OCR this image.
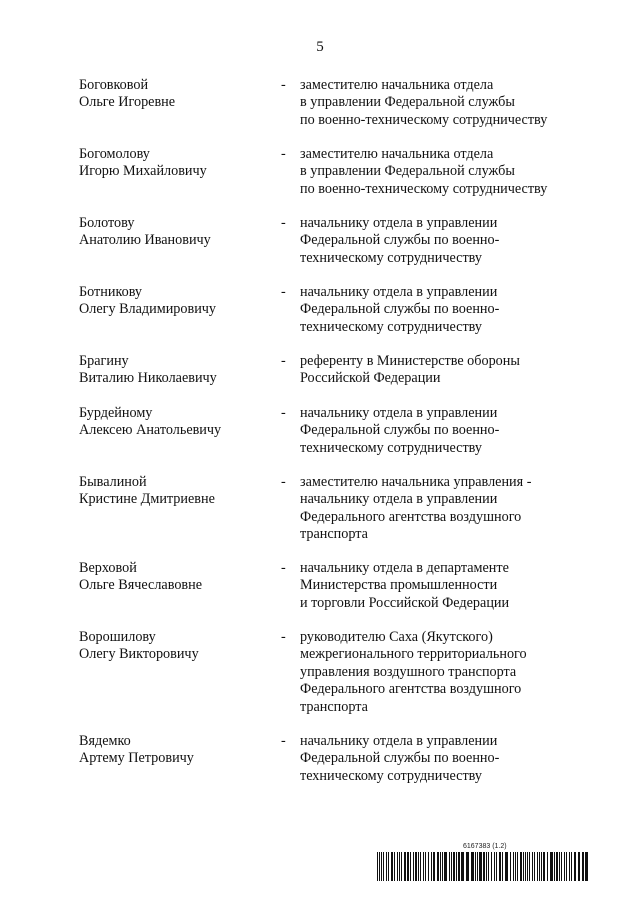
5
Боговковой
Ольге Игоревне
- заместителю начальника отдела
в управлении Федеральной службы
по военно-техническому сотрудничеству
Богомолову
Игорю Михайловичу
- заместителю начальника отдела
в управлении Федеральной службы
по военно-техническому сотрудничеству
Болотову
Анатолию Ивановичу
- начальнику отдела в управлении
Федеральной службы по военно-
техническому сотрудничеству
Ботникову
Олегу Владимировичу
- начальнику отдела в управлении
Федеральной службы по военно-
техническому сотрудничеству
Брагину
Виталию Николаевичу
- референту в Министерстве обороны
Российской Федерации
Бурдейному
Алексею Анатольевичу
- начальнику отдела в управлении
Федеральной службы по военно-
техническому сотрудничеству
Бывалиной
Кристине Дмитриевне
- заместителю начальника управления -
начальнику отдела в управлении
Федерального агентства воздушного
транспорта
Верховой
Ольге Вячеславовне
- начальнику отдела в департаменте
Министерства промышленности
и торговли Российской Федерации
Ворошилову
Олегу Викторовичу
- руководителю Саха (Якутского)
межрегионального территориального
управления воздушного транспорта
Федерального агентства воздушного
транспорта
Вядемко
Артему Петровичу
- начальнику отдела в управлении
Федеральной службы по военно-
техническому сотрудничеству
6167383 (1.2)
